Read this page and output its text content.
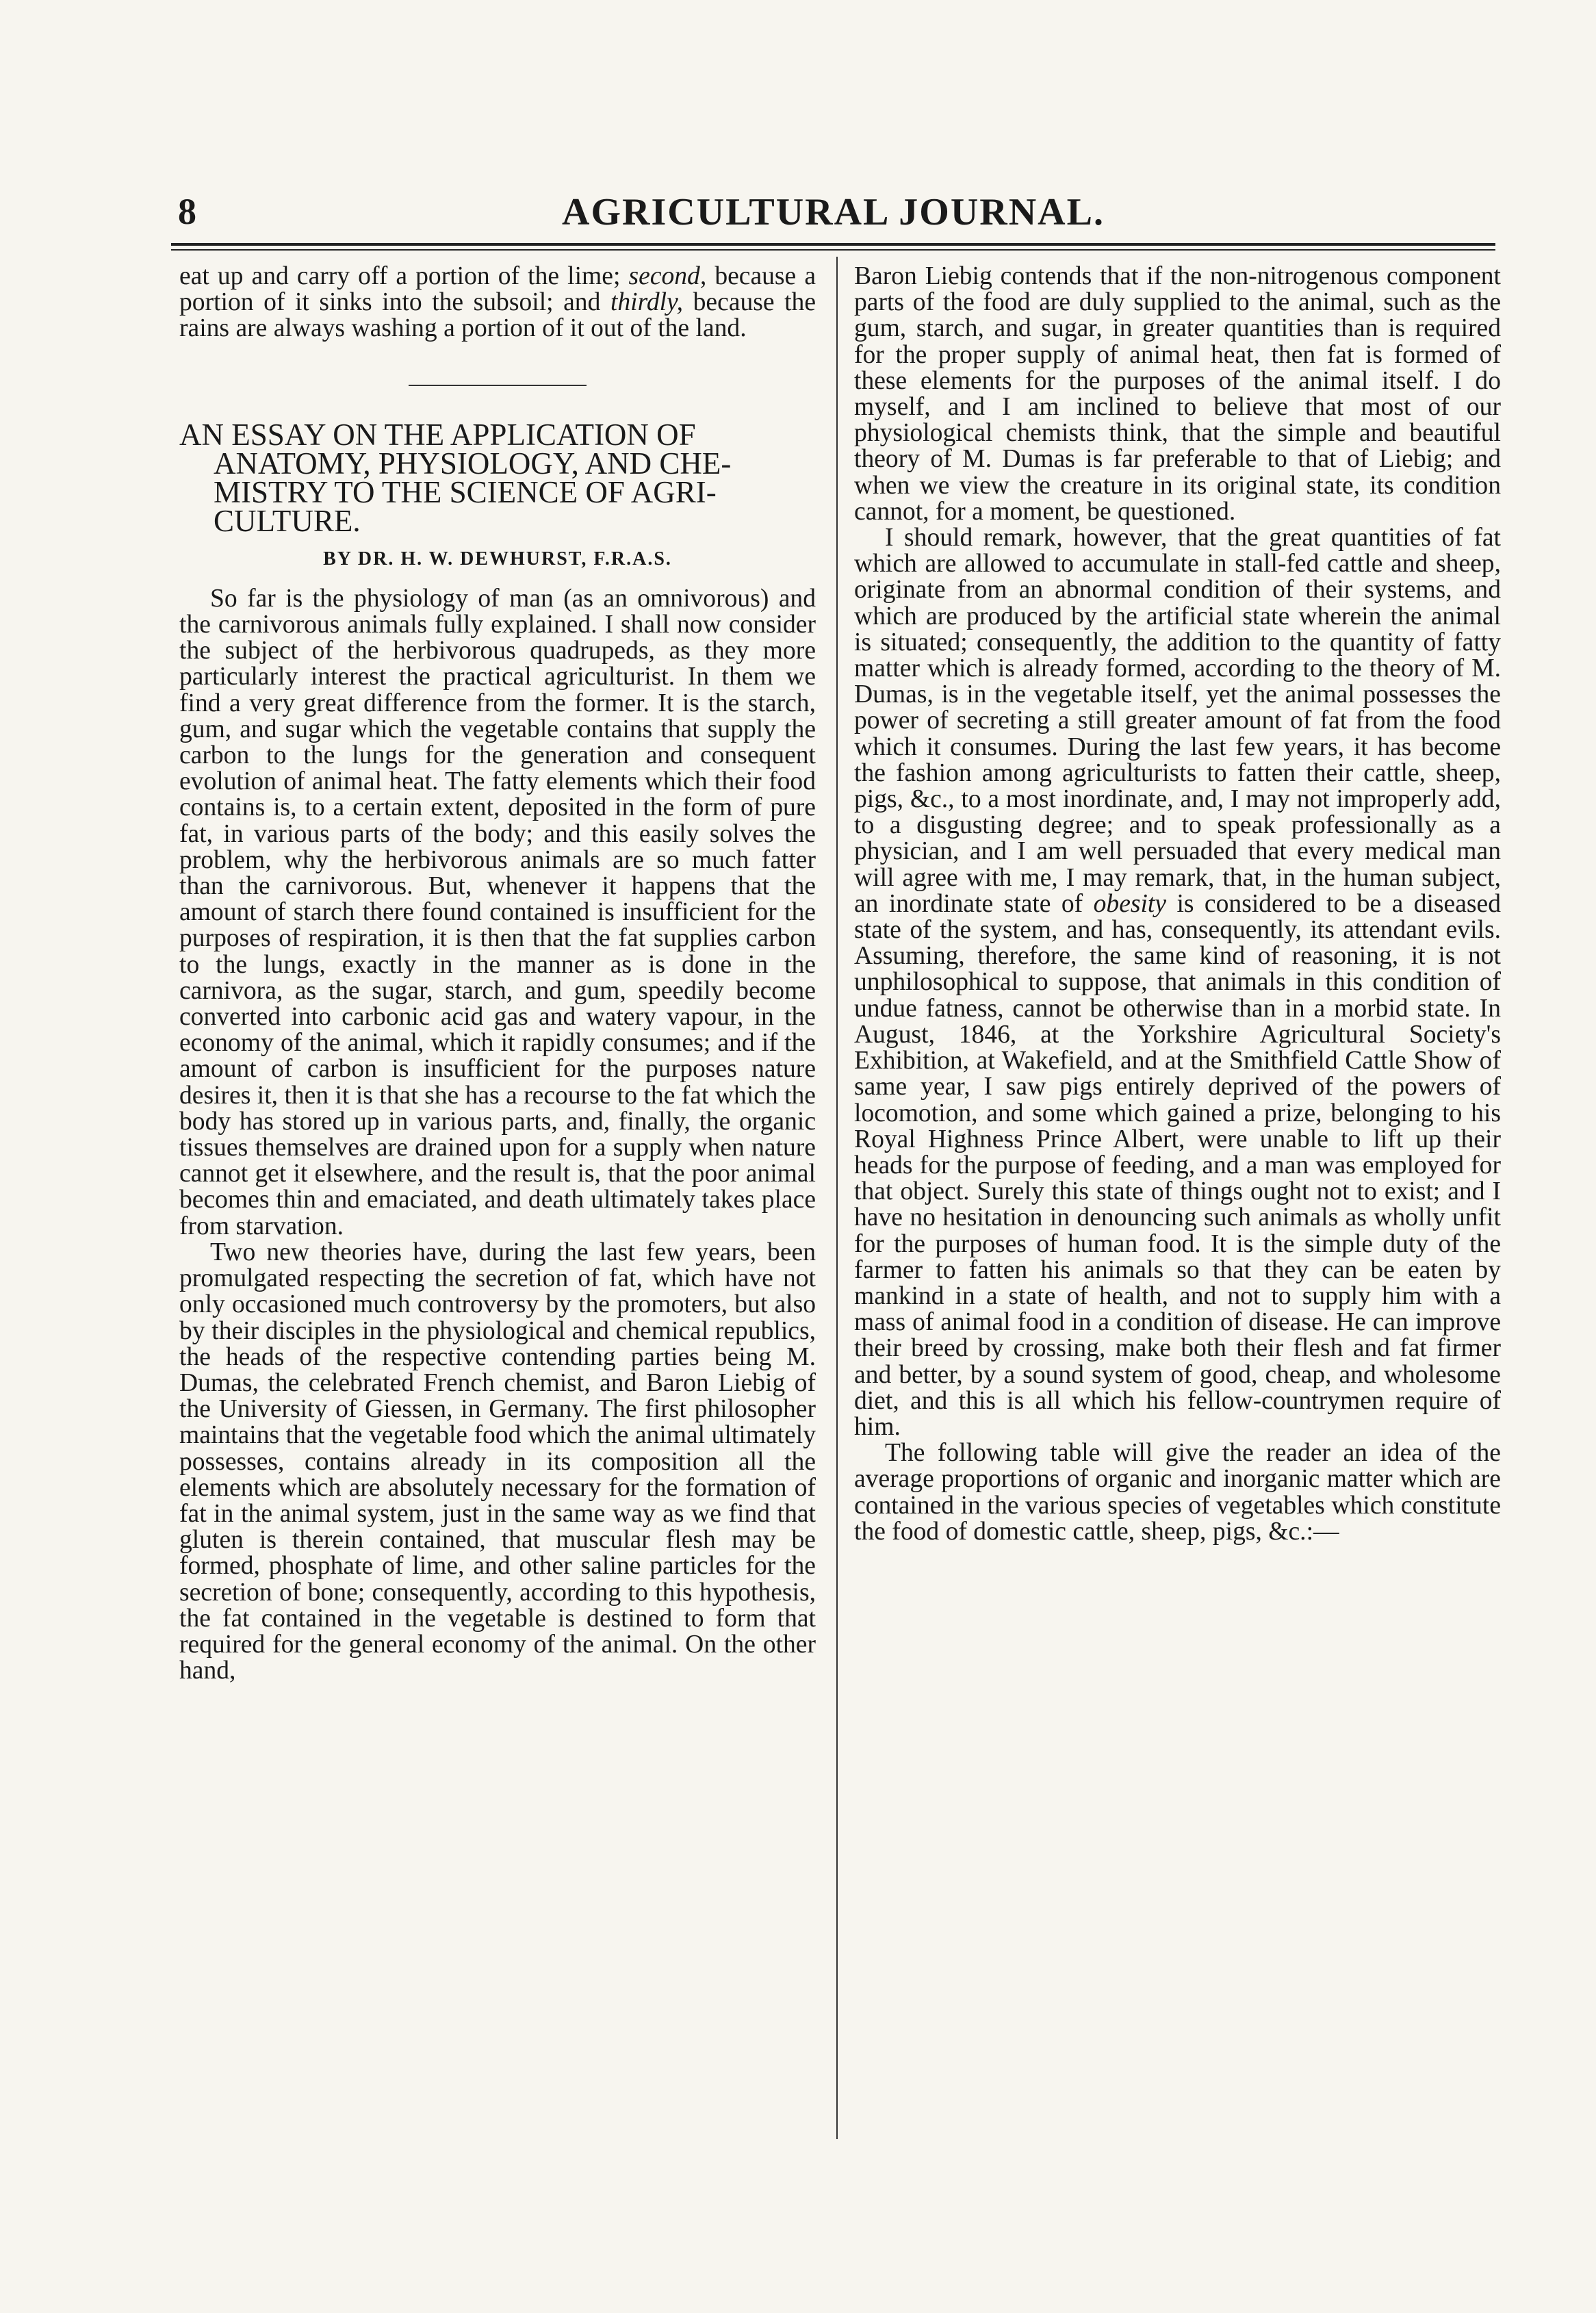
8	AGRICULTURAL JOURNAL.

eat up and carry off a portion of the lime; second, because a portion of it sinks into the subsoil; and thirdly, because the rains are always washing a portion of it out of the land.

AN ESSAY ON THE APPLICATION OF
ANATOMY, PHYSIOLOGY, AND CHE-
MISTRY TO THE SCIENCE OF AGRI-
CULTURE.
BY DR. H. W. DEWHURST, F.R.A.S.

So far is the physiology of man (as an omnivorous) and the carnivorous animals fully explained. I shall now consider the subject of the herbivorous quadrupeds, as they more particularly interest the practical agriculturist. In them we find a very great difference from the former. It is the starch, gum, and sugar which the vegetable contains that supply the carbon to the lungs for the generation and consequent evolution of animal heat. The fatty elements which their food contains is, to a certain extent, deposited in the form of pure fat, in various parts of the body; and this easily solves the problem, why the herbivorous animals are so much fatter than the carnivorous. But, whenever it happens that the amount of starch there found contained is insufficient for the purposes of respiration, it is then that the fat supplies carbon to the lungs, exactly in the manner as is done in the carnivora, as the sugar, starch, and gum, speedily become converted into carbonic acid gas and watery vapour, in the economy of the animal, which it rapidly consumes; and if the amount of carbon is insufficient for the purposes nature desires it, then it is that she has a recourse to the fat which the body has stored up in various parts, and, finally, the organic tissues themselves are drained upon for a supply when nature cannot get it elsewhere, and the result is, that the poor animal becomes thin and emaciated, and death ultimately takes place from starvation.

Two new theories have, during the last few years, been promulgated respecting the secretion of fat, which have not only occasioned much controversy by the promoters, but also by their disciples in the physiological and chemical republics, the heads of the respective contending parties being M. Dumas, the celebrated French chemist, and Baron Liebig of the University of Giessen, in Germany. The first philosopher maintains that the vegetable food which the animal ultimately possesses, contains already in its composition all the elements which are absolutely necessary for the formation of fat in the animal system, just in the same way as we find that gluten is therein contained, that muscular flesh may be formed, phosphate of lime, and other saline particles for the secretion of bone; consequently, according to this hypothesis, the fat contained in the vegetable is destined to form that required for the general economy of the animal. On the other hand,

Baron Liebig contends that if the non-nitrogenous component parts of the food are duly supplied to the animal, such as the gum, starch, and sugar, in greater quantities than is required for the proper supply of animal heat, then fat is formed of these elements for the purposes of the animal itself. I do myself, and I am inclined to believe that most of our physiological chemists think, that the simple and beautiful theory of M. Dumas is far preferable to that of Liebig; and when we view the creature in its original state, its condition cannot, for a moment, be questioned.

I should remark, however, that the great quantities of fat which are allowed to accumulate in stall-fed cattle and sheep, originate from an abnormal condition of their systems, and which are produced by the artificial state wherein the animal is situated; consequently, the addition to the quantity of fatty matter which is already formed, according to the theory of M. Dumas, is in the vegetable itself, yet the animal possesses the power of secreting a still greater amount of fat from the food which it consumes. During the last few years, it has become the fashion among agriculturists to fatten their cattle, sheep, pigs, &c., to a most inordinate, and, I may not improperly add, to a disgusting degree; and to speak professionally as a physician, and I am well persuaded that every medical man will agree with me, I may remark, that, in the human subject, an inordinate state of obesity is considered to be a diseased state of the system, and has, consequently, its attendant evils. Assuming, therefore, the same kind of reasoning, it is not unphilosophical to suppose, that animals in this condition of undue fatness, cannot be otherwise than in a morbid state. In August, 1846, at the Yorkshire Agricultural Society's Exhibition, at Wakefield, and at the Smithfield Cattle Show of same year, I saw pigs entirely deprived of the powers of locomotion, and some which gained a prize, belonging to his Royal Highness Prince Albert, were unable to lift up their heads for the purpose of feeding, and a man was employed for that object. Surely this state of things ought not to exist; and I have no hesitation in denouncing such animals as wholly unfit for the purposes of human food. It is the simple duty of the farmer to fatten his animals so that they can be eaten by mankind in a state of health, and not to supply him with a mass of animal food in a condition of disease. He can improve their breed by crossing, make both their flesh and fat firmer and better, by a sound system of good, cheap, and wholesome diet, and this is all which his fellow-countrymen require of him.

The following table will give the reader an idea of the average proportions of organic and inorganic matter which are contained in the various species of vegetables which constitute the food of domestic cattle, sheep, pigs, &c.:—
